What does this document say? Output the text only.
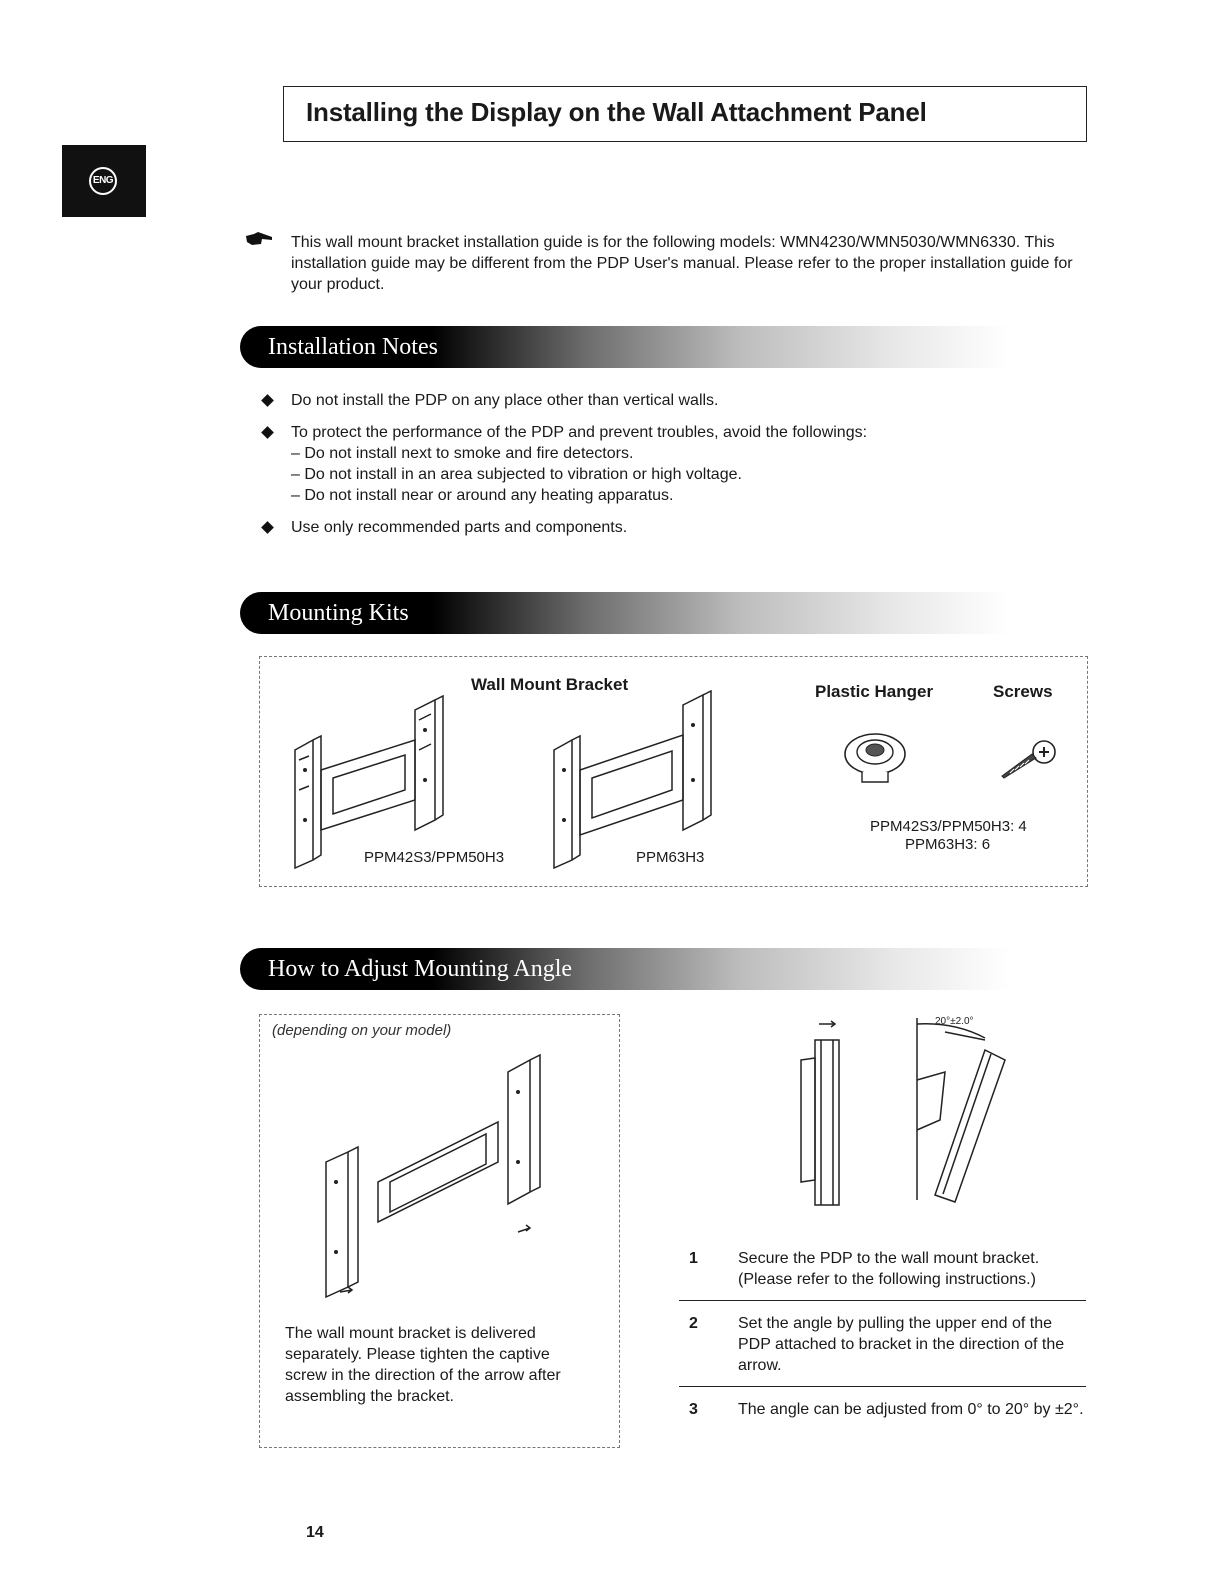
Installing the Display on the Wall Attachment Panel
ENG
This wall mount bracket installation guide is for the following models: WMN4230/WMN5030/WMN6330. This installation guide may be different from the PDP User's manual. Please refer to the proper installation guide for your product.
Installation Notes
Do not install the PDP on any place other than vertical walls.
To protect the performance of the PDP and prevent troubles, avoid the followings:
– Do not install next to smoke and fire detectors.
– Do not install in an area subjected to vibration or high voltage.
– Do not install near or around any heating apparatus.
Use only recommended parts and components.
Mounting Kits
Wall Mount Bracket	Plastic Hanger	Screws
PPM42S3/PPM50H3	PPM63H3
PPM42S3/PPM50H3: 4
PPM63H3: 6
How to Adjust Mounting Angle
(depending on your model)
The wall mount bracket is delivered separately. Please tighten the captive screw in the direction of the arrow after assembling the bracket.
20°±2.0°
1	Secure the PDP to the wall mount bracket. (Please refer to the following instructions.)
2	Set the angle by pulling the upper end of the PDP attached to bracket in the direction of the arrow.
3	The angle can be adjusted from 0° to 20° by ±2°.
14
